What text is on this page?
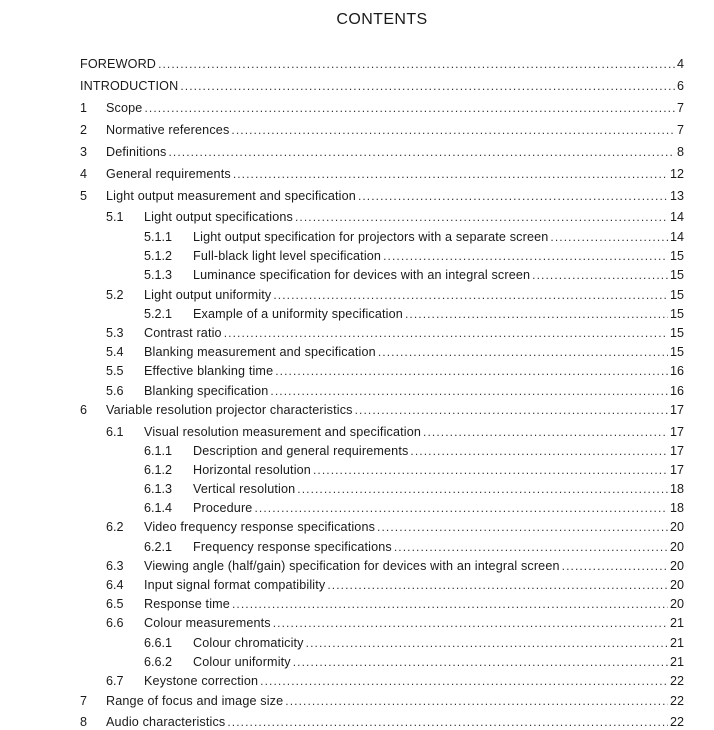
CONTENTS
FOREWORD .....	4
INTRODUCTION .....	6
1	Scope .....	7
2	Normative references .....	7
3	Definitions .....	8
4	General requirements .....	12
5	Light output measurement and specification .....	13
5.1	Light output specifications .....	14
5.1.1	Light output specification for projectors with a separate screen .....	14
5.1.2	Full-black light level specification .....	15
5.1.3	Luminance specification for devices with an integral screen .....	15
5.2	Light output uniformity .....	15
5.2.1	Example of a uniformity specification .....	15
5.3	Contrast ratio .....	15
5.4	Blanking measurement and specification .....	15
5.5	Effective blanking time .....	16
5.6	Blanking specification .....	16
6	Variable resolution projector characteristics .....	17
6.1	Visual resolution measurement and specification .....	17
6.1.1	Description and general requirements .....	17
6.1.2	Horizontal resolution .....	17
6.1.3	Vertical resolution .....	18
6.1.4	Procedure .....	18
6.2	Video frequency response specifications .....	20
6.2.1	Frequency response specifications .....	20
6.3	Viewing angle (half/gain) specification for devices with an integral screen .....	20
6.4	Input signal format compatibility .....	20
6.5	Response time .....	20
6.6	Colour measurements .....	21
6.6.1	Colour chromaticity .....	21
6.6.2	Colour uniformity .....	21
6.7	Keystone correction .....	22
7	Range of focus and image size .....	22
8	Audio characteristics .....	22
